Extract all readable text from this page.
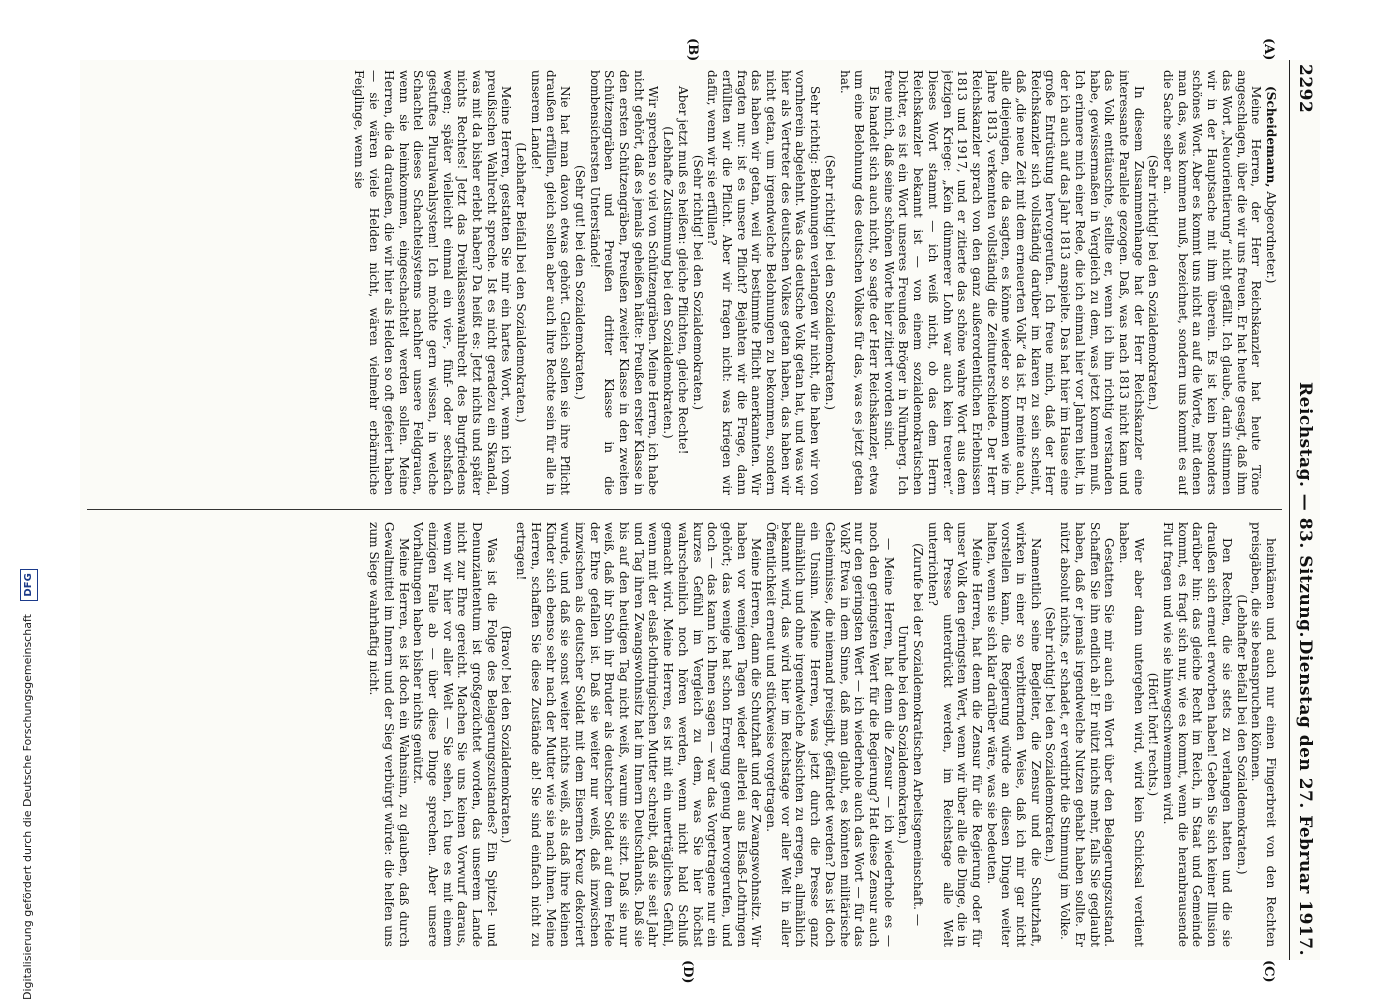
2292
Reichstag. — 83. Sitzung.
Dienstag den 27. Februar 1917.
(A)
(B)
(C)
(D)

(Scheidemann, Abgeordneter.)

Meine Herren, der Herr Reichskanzler hat heute Töne angeschlagen, über die wir uns freuen. Er hat heute gesagt, daß ihm das Wort „Neuorientierung“ nicht gefällt. Ich glaube, darin stimmen wir in der Hauptsache mit ihm überein. Es ist kein besonders schönes Wort. Aber es kommt uns nicht an auf die Worte, mit denen man das, was kommen muß, bezeichnet, sondern uns kommt es auf die Sache selber an.

(Sehr richtig! bei den Sozialdemokraten.)

In diesem Zusammenhange hat der Herr Reichskanzler eine interessante Parallele gezogen. Daß, was nach 1813 nicht kam und das Volk enttäuschte, stellte er, wenn ich ihn richtig verstanden habe, gewissermaßen in Vergleich zu dem, was jetzt kommen muß. Ich erinnere mich einer Rede, die ich einmal hier vor Jahren hielt, in der ich auch auf das Jahr 1813 anspielte. Das hat hier im Hause eine große Entrüstung hervorgerufen. Ich freue mich, daß der Herr Reichskanzler sich vollständig darüber im klaren zu sein scheint, daß „die neue Zeit mit dem erneuerten Volk“ da ist. Er meinte auch, alle diejenigen, die da sagten, es könne wieder so kommen wie im Jahre 1813, verkennten vollständig die Zeitunterschiede. Der Herr Reichskanzler sprach von den ganz außerordentlichen Erlebnissen 1813 und 1917, und er zitierte das schöne wahre Wort aus dem jetzigen Kriege: „Kein dümmerer Lohn war auch kein treuerer.“ Dieses Wort stammt — ich weiß nicht, ob das dem Herrn Reichskanzler bekannt ist — von einem sozialdemokratischen Dichter, es ist ein Wort unseres Freundes Bröger in Nürnberg. Ich freue mich, daß seine schönen Worte hier zitiert worden sind.

Es handelt sich auch nicht, so sagte der Herr Reichskanzler, etwa um eine Belohnung des deutschen Volkes für das, was es jetzt getan hat.

(Sehr richtig! bei den Sozialdemokraten.)

Sehr richtig: Belohnungen verlangen wir nicht, die haben wir von vornherein abgelehnt. Was das deutsche Volk getan hat, und was wir hier als Vertreter des deutschen Volkes getan haben, das haben wir nicht getan, um irgendwelche Belohnungen zu bekommen, sondern das haben wir getan, weil wir bestimmte Pflicht anerkannten. Wir fragten nur: ist es unsere Pflicht? Bejahten wir die Frage, dann erfüllten wir die Pflicht. Aber wir fragen nicht: was kriegen wir dafür, wenn wir sie erfüllen?

(Sehr richtig! bei den Sozialdemokraten.)

Aber jetzt muß es heißen: gleiche Pflichten, gleiche Rechte!

(Lebhafte Zustimmung bei den Sozialdemokraten.)

Wir sprechen so viel von Schützengräben. Meine Herren, ich habe nicht gehört, daß es jemals geheißen hätte: Preußen erster Klasse in den ersten Schützengräben, Preußen zweiter Klasse in den zweiten Schützengräben und Preußen dritter Klasse in die bombensichersten Unterstände!

(Sehr gut! bei den Sozialdemokraten.)

Nie hat man davon etwas gehört. Gleich sollen sie ihre Pflicht draußen erfüllen, gleich sollen aber auch ihre Rechte sein für alle in unserem Lande!

(Lebhafter Beifall bei den Sozialdemokraten.)

Meine Herren, gestatten Sie mir ein hartes Wort, wenn ich vom preußischen Wahlrecht spreche. Ist es nicht geradezu ein Skandal, was mit da bisher erlebt haben? Da heißt es: Jetzt nichts und später nichts Rechtes! Jetzt das Dreiklassenwahlrecht des Burgfriedens wegen; später vielleicht einmal ein vier-, fünf- oder sechsfach gestuftes Pluralwahlsystem! Ich möchte gern wissen, in welche Schachtel dieses Schachtelsystems nachher unsere Feldgrauen, wenn sie heimkommen, eingeschachtelt werden sollen. Meine Herren, die da draußen, die wir hier als Helden so oft gefeiert haben — sie wären viele Helden nicht, wären vielmehr erbärmliche Feiglinge, wenn sie

heimkämen und auch nur einen Fingerbreit von den Rechten preisgäben, die sie beanspruchen können.

(Lebhafter Beifall bei den Sozialdemokraten.)

Den Rechten, die sie stets zu verlangen hatten und die sie draußen sich erneut erworben haben! Geben Sie sich keiner Illusion darüber hin: das gleiche Recht im Reich, in Staat und Gemeinde kommt, es fragt sich nur, wie es kommt, wenn die heranbrausende Flut fragen und wie sie hinwegschwemmen wird.

(Hört! hört! rechts.)

Wer aber dann untergehen wird, wird kein Schicksal verdient haben.

Gestatten Sie mir auch ein Wort über den Belagerungszustand. Schaffen Sie ihn endlich ab! Er nützt nichts mehr, falls Sie geglaubt haben, daß er jemals irgendwelche Nutzen gehabt haben sollte. Er nützt absolut nichts, er schadet, er verdirbt die Stimmung im Volke.

(Sehr richtig! bei den Sozialdemokraten.)

Namentlich seine Begleiter, die Zensur und die Schutzhaft, wirken in einer so verbitternden Weise, daß ich mir gar nicht vorstellen kann, die Regierung würde an diesen Dingen weiter halten, wenn sie sich klar darüber wäre, was sie bedeuten.

Meine Herren, hat denn die Zensur für die Regierung oder für unser Volk den geringsten Wert, wenn wir über alle die Dinge, die in der Presse unterdrückt werden, im Reichstage alle Welt unterrichten?

(Zurufe bei der Sozialdemokratischen Arbeitsgemeinschaft. — Unruhe bei den Sozialdemokraten.)

— Meine Herren, hat denn die Zensur — ich wiederhole es — noch den geringsten Wert für die Regierung? Hat diese Zensur auch nur den geringsten Wert — ich wiederhole auch das Wort — für das Volk? Etwa in dem Sinne, daß man glaubt, es könnten militärische Geheimnisse, die niemand preisgibt, gefährdet werden? Das ist doch ein Unsinn. Meine Herren, was jetzt durch die Presse ganz allmählich und ohne irgendwelche Absichten zu erregen, allmählich bekannt wird, das wird hier im Reichstage vor aller Welt in aller Öffentlichkeit erneut und stückweise vorgetragen.

Meine Herren, dann die Schutzhaft und der Zwangswohnsitz. Wir haben vor wenigen Tagen wieder allerlei aus Elsaß-Lothringen gehört; das wenige hat schon Erregung genug hervorgerufen, und doch — das kann ich Ihnen sagen — war das Vorgetragene nur ein kurzes Gefühl im Vergleich zu dem, was Sie hier höchst wahrscheinlich noch hören werden, wenn nicht bald Schluß gemacht wird. Meine Herren, es ist mit ein unerträgliches Gefühl, wenn mit der elsaß-lothringischen Mutter schreibt, daß sie seit Jahr und Tag ihren Zwangswohnsitz hat im Innern Deutschlands. Daß sie bis auf den heutigen Tag nicht weiß, warum sie sitzt. Daß sie nur weiß, daß ihr Sohn ihr Bruder als deutscher Soldat auf dem Felde der Ehre gefallen ist. Daß sie weiter nur weiß, daß inzwischen inzwischen als deutscher Soldat mit dem Eisernen Kreuz dekoriert wurde, und daß sie sonst weiter nichts weiß, als daß ihre kleinen Kinder sich ebenso sehr nach der Mutter wie sie nach ihnen. Meine Herren, schaffen Sie diese Zustände ab! Sie sind einfach nicht zu ertragen!

(Bravo! bei den Sozialdemokraten.)

Was ist die Folge des Belagerungszustandes? Ein Spitzel- und Denunziantentum ist großgezüchtet worden, das unserem Lande nicht zur Ehre gereicht. Machen Sie uns keinen Vorwurf daraus, wenn wir hier vor aller Welt — Sie sehen, ich tue es mit einem einzigen Falle ab — über diese Dinge sprechen. Aber unsere Vorhaltungen haben bisher nichts genützt.

Meine Herren, es ist doch ein Wahnsinn, zu glauben, daß durch Gewaltmittel im Innern und der Sieg verbürgt würde: die helfen uns zum Siege wahrhaftig nicht.

Digitalisierung gefördert durch die Deutsche Forschungsgemeinschaft DFG
